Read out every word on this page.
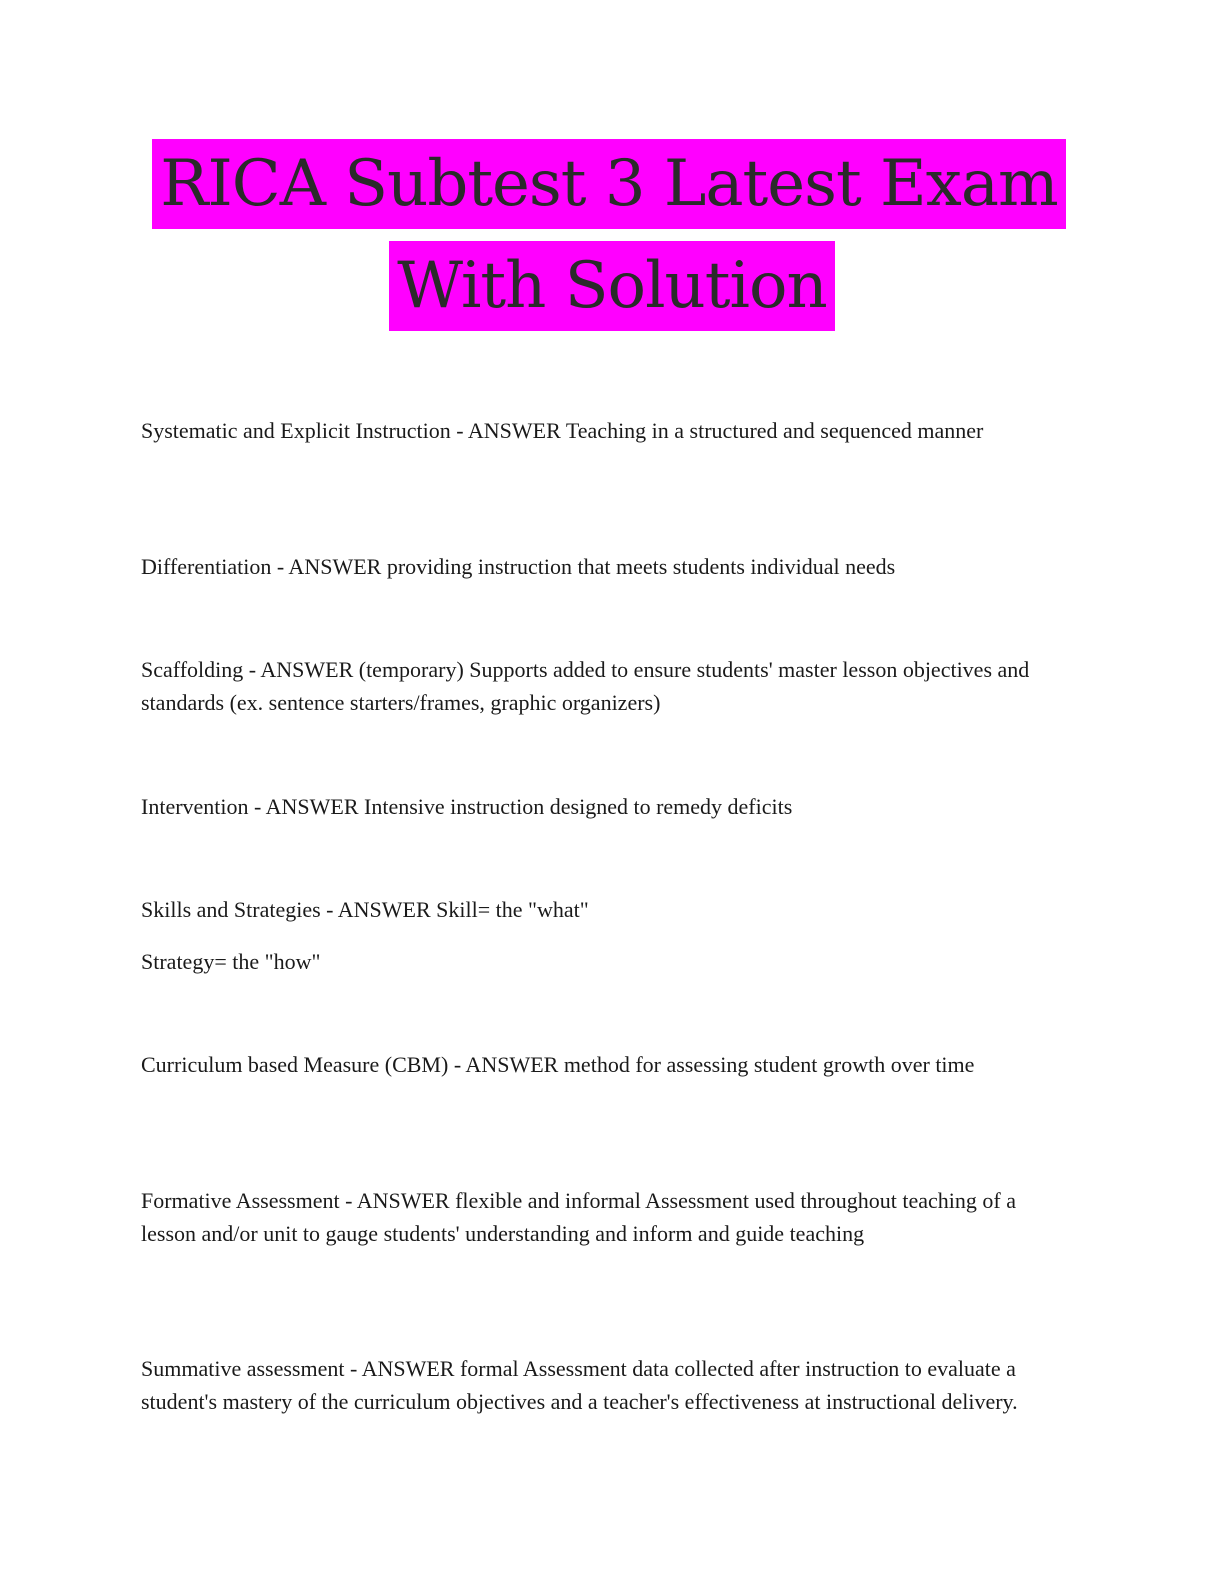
RICA Subtest 3 Latest Exam
With Solution

Systematic and Explicit Instruction - ANSWER Teaching in a structured and sequenced manner

Differentiation - ANSWER providing instruction that meets students individual needs

Scaffolding - ANSWER (temporary) Supports added to ensure students' master lesson objectives and standards (ex. sentence starters/frames, graphic organizers)

Intervention - ANSWER Intensive instruction designed to remedy deficits

Skills and Strategies - ANSWER Skill= the "what"

Strategy= the "how"

Curriculum based Measure (CBM) - ANSWER method for assessing student growth over time

Formative Assessment - ANSWER flexible and informal Assessment used throughout teaching of a lesson and/or unit to gauge students' understanding and inform and guide teaching

Summative assessment - ANSWER formal Assessment data collected after instruction to evaluate a student's mastery of the curriculum objectives and a teacher's effectiveness at instructional delivery.
